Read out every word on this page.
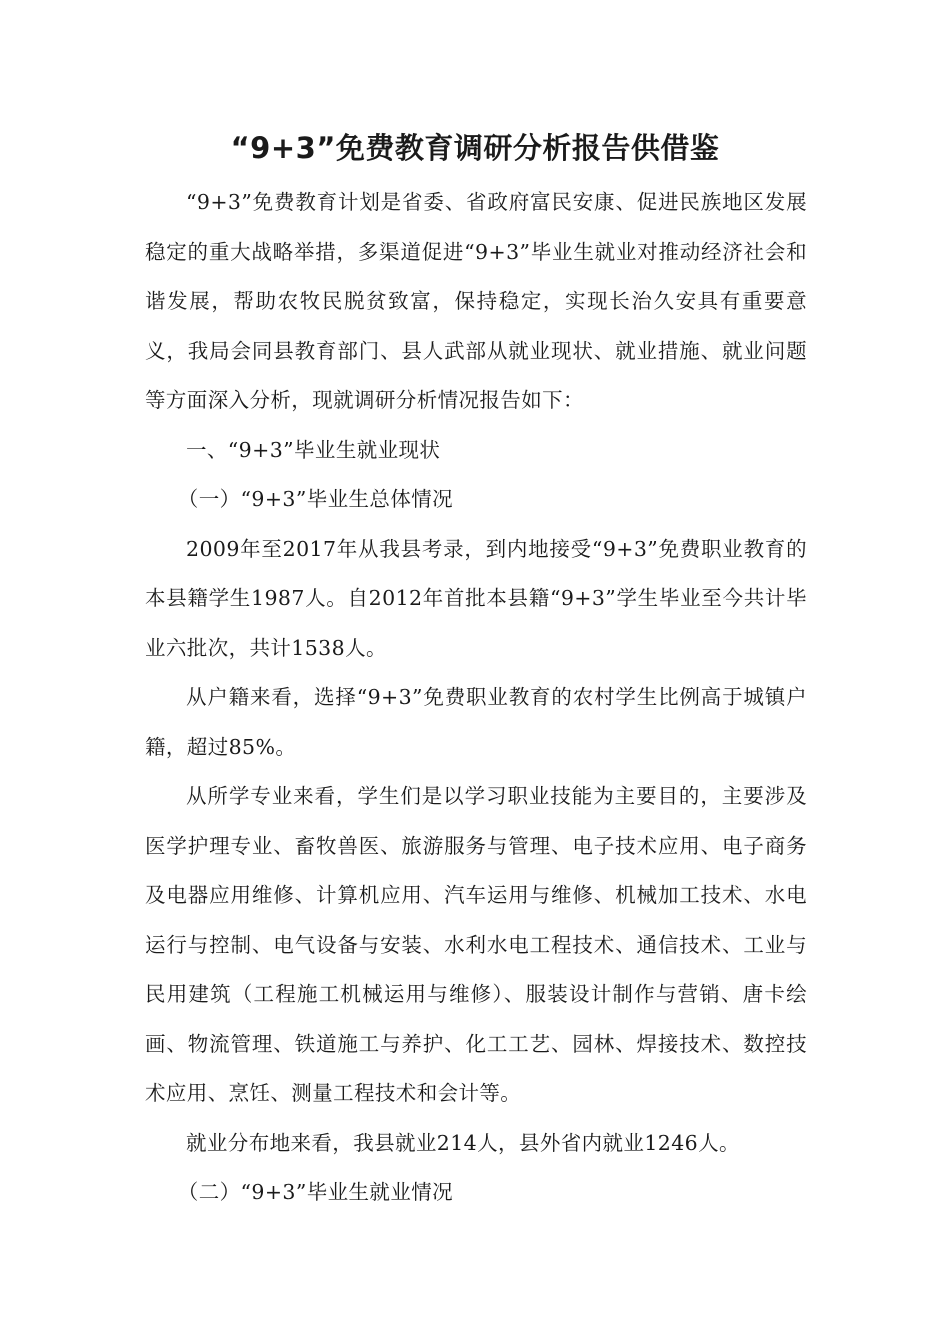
“9+3”免费教育调研分析报告供借鉴

“9+3”免费教育计划是省委、省政府富民安康、促进民族地区发展稳定的重大战略举措，多渠道促进“9+3”毕业生就业对推动经济社会和谐发展，帮助农牧民脱贫致富，保持稳定，实现长治久安具有重要意义，我局会同县教育部门、县人武部从就业现状、就业措施、就业问题等方面深入分析，现就调研分析情况报告如下：

一、“9+3”毕业生就业现状

（一）“9+3”毕业生总体情况

2009年至2017年从我县考录，到内地接受“9+3”免费职业教育的本县籍学生1987人。自2012年首批本县籍“9+3”学生毕业至今共计毕业六批次，共计1538人。

从户籍来看，选择“9+3”免费职业教育的农村学生比例高于城镇户籍，超过85%。

从所学专业来看，学生们是以学习职业技能为主要目的，主要涉及医学护理专业、畜牧兽医、旅游服务与管理、电子技术应用、电子商务及电器应用维修、计算机应用、汽车运用与维修、机械加工技术、水电运行与控制、电气设备与安装、水利水电工程技术、通信技术、工业与民用建筑（工程施工机械运用与维修）、服装设计制作与营销、唐卡绘画、物流管理、铁道施工与养护、化工工艺、园林、焊接技术、数控技术应用、烹饪、测量工程技术和会计等。

就业分布地来看，我县就业214人，县外省内就业1246人。

（二）“9+3”毕业生就业情况
